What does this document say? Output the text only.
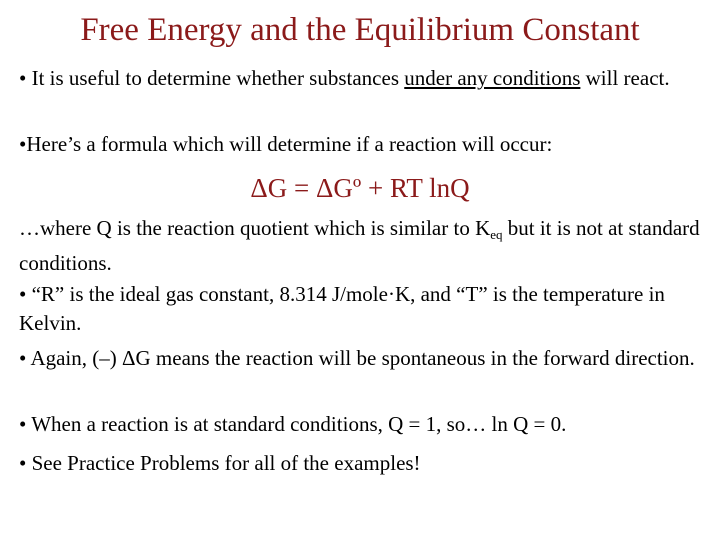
Free Energy and the Equilibrium Constant
• It is useful to determine whether substances under any conditions will react.
•Here’s a formula which will determine if a reaction will occur:
ΔG = ΔGº + RT lnQ
…where Q is the reaction quotient which is similar to $K_{eq}$ but it is not at standard conditions.
• “R” is the ideal gas constant, 8.314 J/mole·K, and “T” is the temperature in Kelvin.
• Again, (–) ΔG means the reaction will be spontaneous in the forward direction.
• When a reaction is at standard conditions, Q = 1, so… ln Q = 0.
• See Practice Problems for all of the examples!
